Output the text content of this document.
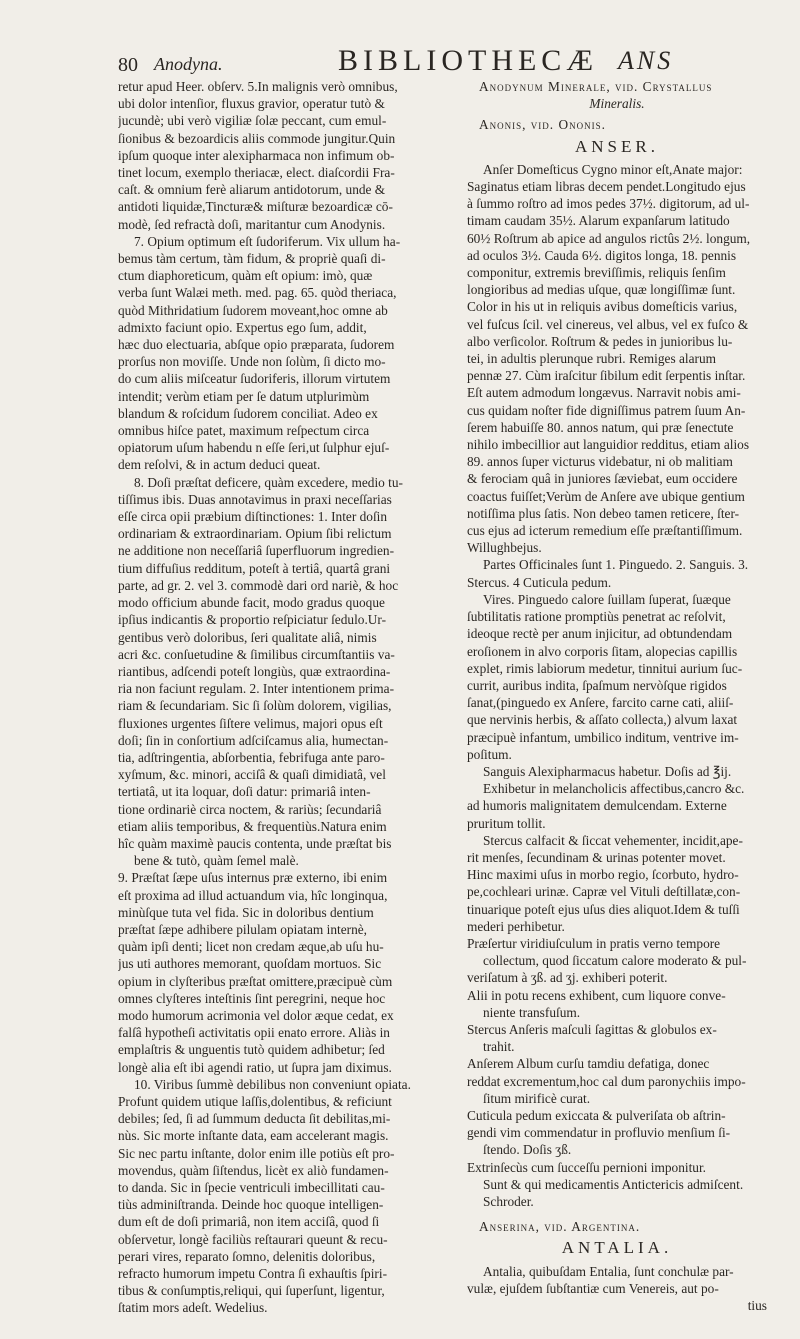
80 Anodyna.	BIBLIOTHECÆ ANS
retur apud Heer. obſerv. 5.In malignis verò omnibus,
ubi dolor intenſior, fluxus gravior, operatur tutò &
jucundè; ubi verò vigiliæ ſolæ peccant, cum emul-
ſionibus & bezoardicis aliis commode jungitur.Quin
ipſum quoque inter alexipharmaca non infimum ob-
tinet locum, exemplo theriacæ, elect. diaſcordii Fra-
caſt. & omnium ferè aliarum antidotorum, unde &
antidoti liquidæ,Tincturæ& miſturæ bezoardicæ cō-
modè, ſed refractà doſi, maritantur cum Anodynis.
7. Opium optimum eſt ſudoriferum. Vix ullum ha-
bemus tàm certum, tàm fidum, & propriè quaſi di-
ctum diaphoreticum, quàm eſt opium: imò, quæ
verba ſunt Walæi meth. med. pag. 65. quòd theriaca,
quòd Mithridatium ſudorem moveant,hoc omne ab
admixto faciunt opio. Expertus ego ſum, addit,
hæc duo electuaria, abſque opio præparata, ſudorem
prorſus non moviſſe. Unde non ſolùm, ſi dicto mo-
do cum aliis miſceatur ſudoriferis, illorum virtutem
intendit; verùm etiam per ſe datum utplurimùm
blandum & roſcidum ſudorem conciliat. Adeo ex
omnibus hiſce patet, maximum reſpectum circa
opiatorum uſum habendu n eſſe ſeri,ut ſulphur ejuſ-
dem reſolvi, & in actum deduci queat.
8. Doſi præſtat deficere, quàm excedere, medio tu-
tiſſimus ibis. Duas annotavimus in praxi neceſſarias
eſſe circa opii præbium diſtinctiones: 1. Inter doſin
ordinariam & extraordinariam. Opium ſibi relictum
ne additione non neceſſariâ ſuperfluorum ingredien-
tium diffuſius redditum, poteſt à tertiâ, quartâ grani
parte, ad gr. 2. vel 3. commodè dari ord nariè, & hoc
modo officium abunde facit, modo gradus quoque
ipſius indicantis & proportio reſpiciatur ſedulo.Ur-
gentibus verò doloribus, ſeri qualitate aliâ, nimis
acri &c. conſuetudine & ſimilibus circumſtantiis va-
riantibus, adſcendi poteſt longiùs, quæ extraordina-
ria non faciunt regulam. 2. Inter intentionem prima-
riam & ſecundariam. Sic ſi ſolùm dolorem, vigilias,
fluxiones urgentes ſiſtere velimus, majori opus eſt
doſi; ſin in conſortium adſciſcamus alia, humectan-
tia, adſtringentia, abſorbentia, febrifuga ante paro-
xyſmum, &c. minori, acciſâ & quaſi dimidiatâ, vel
tertiatâ, ut ita loquar, doſi datur: primariâ inten-
tione ordinariè circa noctem, & rariùs; ſecundariâ
etiam aliis temporibus, & frequentiùs.Natura enim
hîc quàm maximè paucis contenta, unde præſtat bis
bene & tutò, quàm ſemel malè.
9. Præſtat ſæpe uſus internus præ externo, ibi enim
eſt proxima ad illud actuandum via, hîc longinqua,
minùſque tuta vel fida. Sic in doloribus dentium
præſtat ſæpe adhibere pilulam opiatam internè,
quàm ipſi denti; licet non credam æque,ab uſu hu-
jus uti authores memorant, quoſdam mortuos. Sic
opium in clyſteribus præſtat omittere,præcipuè cùm
omnes clyſteres inteſtinis ſint peregrini, neque hoc
modo humorum acrimonia vel dolor æque cedat, ex
falſâ hypotheſi activitatis opii enato errore. Aliàs in
emplaſtris & unguentis tutò quidem adhibetur; ſed
longè alia eſt ibi agendi ratio, ut ſupra jam diximus.
10. Viribus ſummè debilibus non conveniunt opiata.
Profunt quidem utique laſſis,dolentibus, & reficiunt
debiles; ſed, ſi ad ſummum deducta ſit debilitas,mi-
nùs. Sic morte inſtante data, eam accelerant magis.
Sic nec partu inſtante, dolor enim ille potiùs eſt pro-
movendus, quàm ſiſtendus, licèt ex aliò fundamen-
to danda. Sic in ſpecie ventriculi imbecillitati cau-
tiùs adminiſtranda. Deinde hoc quoque intelligen-
dum eſt de doſi primariâ, non item acciſâ, quod ſi
obſervetur, longè faciliùs reſtaurari queunt & recu-
perari vires, reparato ſomno, delenitis doloribus,
refracto humorum impetu Contra ſi exhauſtis ſpiri-
tibus & conſumptis,reliqui, qui ſuperſunt, ligentur,
ſtatim mors adeſt. Wedelius.

Anodynum Minerale, vid. Cryſtallus

Mineralis.

Anonis, vid. Ononis.

ANSER.
Anſer Domeſticus Cygno minor eſt,Anate major:
Saginatus etiam libras decem pendet.Longitudo ejus
à ſummo roſtro ad imos pedes 37½. digitorum, ad ul-
timam caudam 35½. Alarum expanſarum latitudo
60½ Roſtrum ab apice ad angulos rictûs 2½. longum,
ad oculos 3½. Cauda 6½. digitos longa, 18. pennis
componitur, extremis breviſſimis, reliquis ſenſim
longioribus ad medias uſque, quæ longiſſimæ ſunt.
Color in his ut in reliquis avibus domeſticis varius,
vel fuſcus ſcil. vel cinereus, vel albus, vel ex fuſco &
albo verſicolor. Roſtrum & pedes in junioribus lu-
tei, in adultis plerunque rubri. Remiges alarum
pennæ 27. Cùm iraſcitur ſibilum edit ſerpentis inſtar.
Eſt autem admodum longævus. Narravit nobis ami-
cus quidam noſter fide digniſſimus patrem ſuum An-
ſerem habuiſſe 80. annos natum, qui præ ſenectute
nihilo imbecillior aut languidior redditus, etiam alios
89. annos ſuper victurus videbatur, ni ob malitiam
& ferociam quâ in juniores ſæviebat, eum occidere
coactus fuiſſet;Verùm de Anſere ave ubique gentium
notiſſima plus ſatis. Non debeo tamen reticere, ſter-
cus ejus ad icterum remedium eſſe præſtantiſſimum.
Willughbejus.
Partes Officinales ſunt 1. Pinguedo. 2. Sanguis. 3.
Stercus. 4 Cuticula pedum.
Vires. Pinguedo calore ſuillam ſuperat, ſuæque
ſubtilitatis ratione promptiùs penetrat ac reſolvit,
ideoque rectè per anum injicitur, ad obtundendam
eroſionem in alvo corporis ſitam, alopecias capillis
explet, rimis labiorum medetur, tinnitui aurium ſuc-
currit, auribus indita, ſpaſmum nervòſque rigidos
ſanat,(pinguedo ex Anſere, farcito carne cati, aliiſ-
que nervinis herbis, & aſſato collecta,) alvum laxat
præcipuè infantum, umbilico inditum, ventrive im-
poſitum.
Sanguis Alexipharmacus habetur. Doſis ad ℥ij.
Exhibetur in melancholicis affectibus,cancro &c.
ad humoris malignitatem demulcendam. Externe
pruritum tollit.
Stercus calfacit & ſiccat vehementer, incidit,ape-
rit menſes, ſecundinam & urinas potenter movet.
Hinc maximi uſus in morbo regio, ſcorbuto, hydro-
pe,cochleari urinæ. Capræ vel Vituli deſtillatæ,con-
tinuarique poteſt ejus uſus dies aliquot.Idem & tuſſi
mederi perhibetur.
Præſertur viridiuſculum in pratis verno tempore
collectum, quod ſiccatum calore moderato & pul-
veriſatum à ʒß. ad ʒj. exhiberi poterit.
Alii in potu recens exhibent, cum liquore conve-
niente transfuſum.
Stercus Anſeris maſculi ſagittas & globulos ex-
trahit.
Anſerem Album curſu tamdiu defatiga, donec
reddat excrementum,hoc cal dum paronychiis impo-
ſitum mirificè curat.
Cuticula pedum exiccata & pulveriſata ob aſtrin-
gendi vim commendatur in profluvio menſium ſi-
ſtendo. Doſis ʒß.
Extrinſecùs cum ſucceſſu pernioni imponitur.
Sunt & qui medicamentis Antictericis admiſcent.
Schroder.

Anserina, vid. Argentina.

ANTALIA.
Antalia, quibuſdam Entalia, ſunt conchulæ par-
vulæ, ejuſdem ſubſtantiæ cum Venereis, aut po-

tius
